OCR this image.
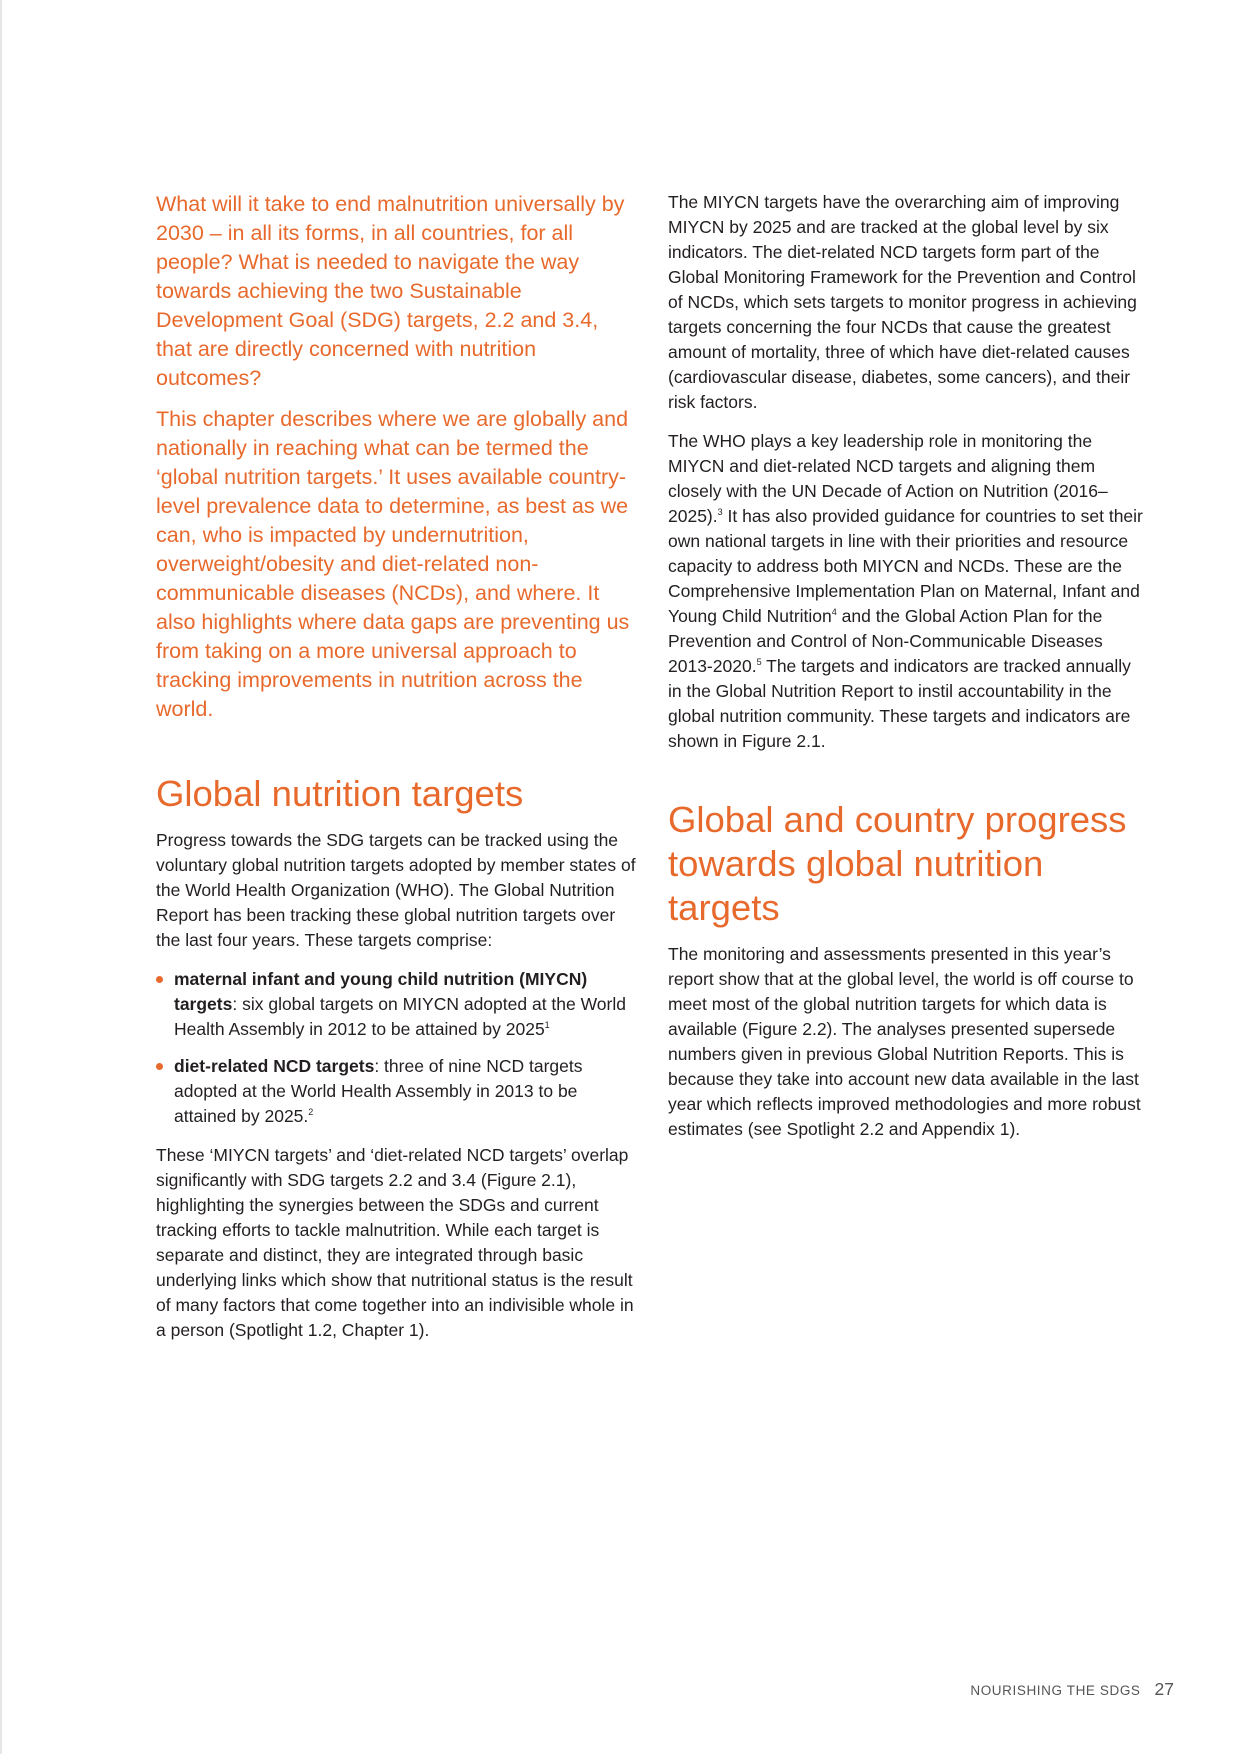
What will it take to end malnutrition universally by 2030 – in all its forms, in all countries, for all people? What is needed to navigate the way towards achieving the two Sustainable Development Goal (SDG) targets, 2.2 and 3.4, that are directly concerned with nutrition outcomes?

This chapter describes where we are globally and nationally in reaching what can be termed the ‘global nutrition targets.’ It uses available country-level prevalence data to determine, as best as we can, who is impacted by undernutrition, overweight/obesity and diet-related non-communicable diseases (NCDs), and where. It also highlights where data gaps are preventing us from taking on a more universal approach to tracking improvements in nutrition across the world.

Global nutrition targets

Progress towards the SDG targets can be tracked using the voluntary global nutrition targets adopted by member states of the World Health Organization (WHO). The Global Nutrition Report has been tracking these global nutrition targets over the last four years. These targets comprise:

maternal infant and young child nutrition (MIYCN) targets: six global targets on MIYCN adopted at the World Health Assembly in 2012 to be attained by 2025$^1$
diet-related NCD targets: three of nine NCD targets adopted at the World Health Assembly in 2013 to be attained by 2025.$^2$

These ‘MIYCN targets’ and ‘diet-related NCD targets’ overlap significantly with SDG targets 2.2 and 3.4 (Figure 2.1), highlighting the synergies between the SDGs and current tracking efforts to tackle malnutrition. While each target is separate and distinct, they are integrated through basic underlying links which show that nutritional status is the result of many factors that come together into an indivisible whole in a person (Spotlight 1.2, Chapter 1).

The MIYCN targets have the overarching aim of improving MIYCN by 2025 and are tracked at the global level by six indicators. The diet-related NCD targets form part of the Global Monitoring Framework for the Prevention and Control of NCDs, which sets targets to monitor progress in achieving targets concerning the four NCDs that cause the greatest amount of mortality, three of which have diet-related causes (cardiovascular disease, diabetes, some cancers), and their risk factors.

The WHO plays a key leadership role in monitoring the MIYCN and diet-related NCD targets and aligning them closely with the UN Decade of Action on Nutrition (2016–2025).$^3$ It has also provided guidance for countries to set their own national targets in line with their priorities and resource capacity to address both MIYCN and NCDs. These are the Comprehensive Implementation Plan on Maternal, Infant and Young Child Nutrition$^4$ and the Global Action Plan for the Prevention and Control of Non-Communicable Diseases 2013-2020.$^5$ The targets and indicators are tracked annually in the Global Nutrition Report to instil accountability in the global nutrition community. These targets and indicators are shown in Figure 2.1.

Global and country progress towards global nutrition targets

The monitoring and assessments presented in this year’s report show that at the global level, the world is off course to meet most of the global nutrition targets for which data is available (Figure 2.2). The analyses presented supersede numbers given in previous Global Nutrition Reports. This is because they take into account new data available in the last year which reflects improved methodologies and more robust estimates (see Spotlight 2.2 and Appendix 1).

NOURISHING THE SDGS 27
